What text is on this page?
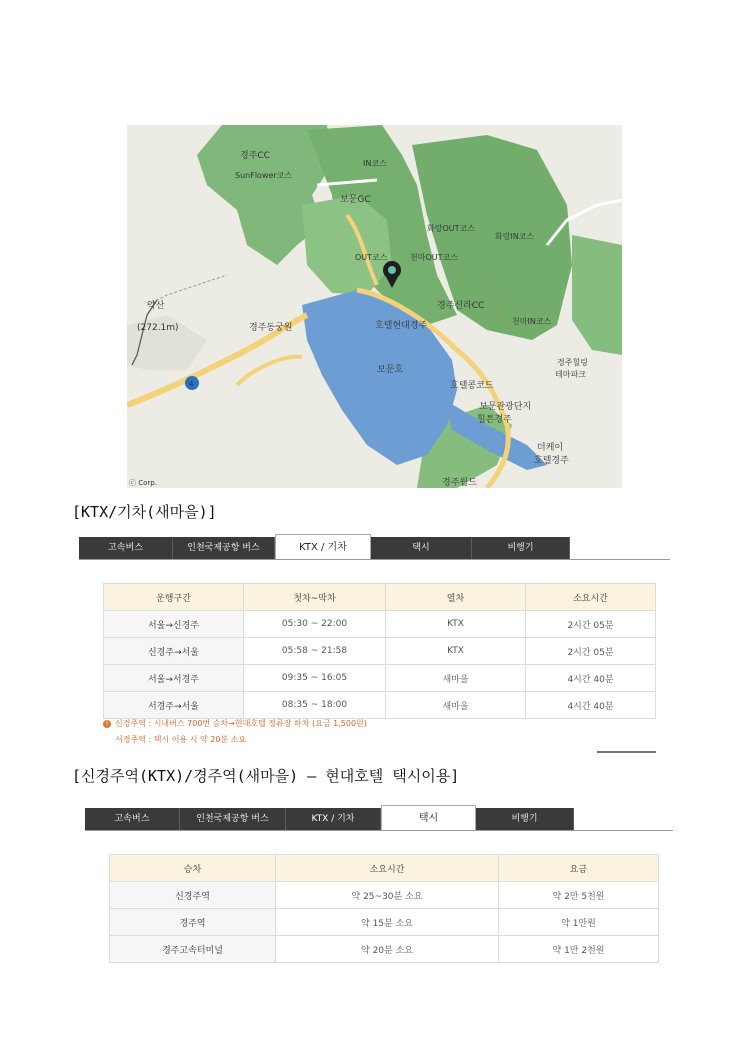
경주CC
SunFlower코스
IN코스
보문GC
화랑OUT코스
화랑IN코스
OUT코스	천마OUT코스
약산
(272.1m)	경주동궁원	호텔현대경주
경주신라CC
천마IN코스
경주힐링
테마파크
보문호
호텔콩코드
보문관광단지
힐튼경주
더케이
호텔경주
경주월드
4
ⓒ Corp.
[KTX/기차(새마을)]
고속버스	인천국제공항 버스	KTX / 기차	택시	비행기
운행구간	첫차~막차	열차	소요시간
서울→신경주	05:30 ~ 22:00	KTX	2시간 05분
신경주→서울	05:58 ~ 21:58	KTX	2시간 05분
서울→서경주	09:35 ~ 16:05	새마을	4시간 40분
서경주→서울	08:35 ~ 18:00	새마을	4시간 40분
! 신경주역 : 시내버스 700번 승차→현대호텔 정류장 하차 (요금 1,500원)
서경주역 : 택시 이용 시 약 20분 소요
[신경주역(KTX)/경주역(새마을) – 현대호텔 택시이용]
고속버스	인천국제공항 버스	KTX / 기차	택시	비행기
승차	소요시간	요금
신경주역	약 25~30분 소요	약 2만 5천원
경주역	약 15분 소요	약 1만원
경주고속터미널	약 20분 소요	약 1만 2천원
